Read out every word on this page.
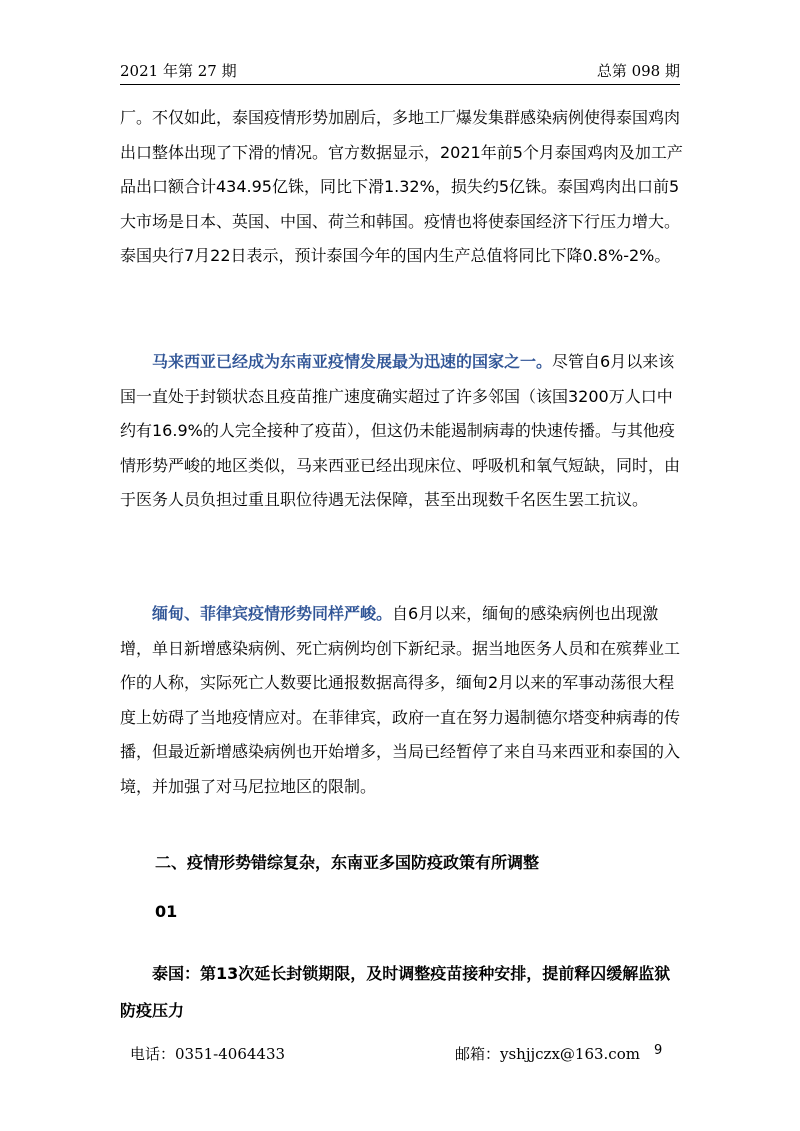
2021 年第 27 期	总第 098 期

厂。不仅如此，泰国疫情形势加剧后，多地工厂爆发集群感染病例使得泰国鸡肉出口整体出现了下滑的情况。官方数据显示，2021年前5个月泰国鸡肉及加工产品出口额合计434.95亿铢，同比下滑1.32%，损失约5亿铢。泰国鸡肉出口前5大市场是日本、英国、中国、荷兰和韩国。疫情也将使泰国经济下行压力增大。泰国央行7月22日表示，预计泰国今年的国内生产总值将同比下降0.8%-2%。

马来西亚已经成为东南亚疫情发展最为迅速的国家之一。尽管自6月以来该国一直处于封锁状态且疫苗推广速度确实超过了许多邻国（该国3200万人口中约有16.9%的人完全接种了疫苗），但这仍未能遏制病毒的快速传播。与其他疫情形势严峻的地区类似，马来西亚已经出现床位、呼吸机和氧气短缺，同时，由于医务人员负担过重且职位待遇无法保障，甚至出现数千名医生罢工抗议。

缅甸、菲律宾疫情形势同样严峻。自6月以来，缅甸的感染病例也出现激增，单日新增感染病例、死亡病例均创下新纪录。据当地医务人员和在殡葬业工作的人称，实际死亡人数要比通报数据高得多，缅甸2月以来的军事动荡很大程度上妨碍了当地疫情应对。在菲律宾，政府一直在努力遏制德尔塔变种病毒的传播，但最近新增感染病例也开始增多，当局已经暂停了来自马来西亚和泰国的入境，并加强了对马尼拉地区的限制。

二、疫情形势错综复杂，东南亚多国防疫政策有所调整
01

泰国：第13次延长封锁期限，及时调整疫苗接种安排，提前释囚缓解监狱防疫压力

电话：0351-4064433	邮箱：yshjjczx@163.com 9
